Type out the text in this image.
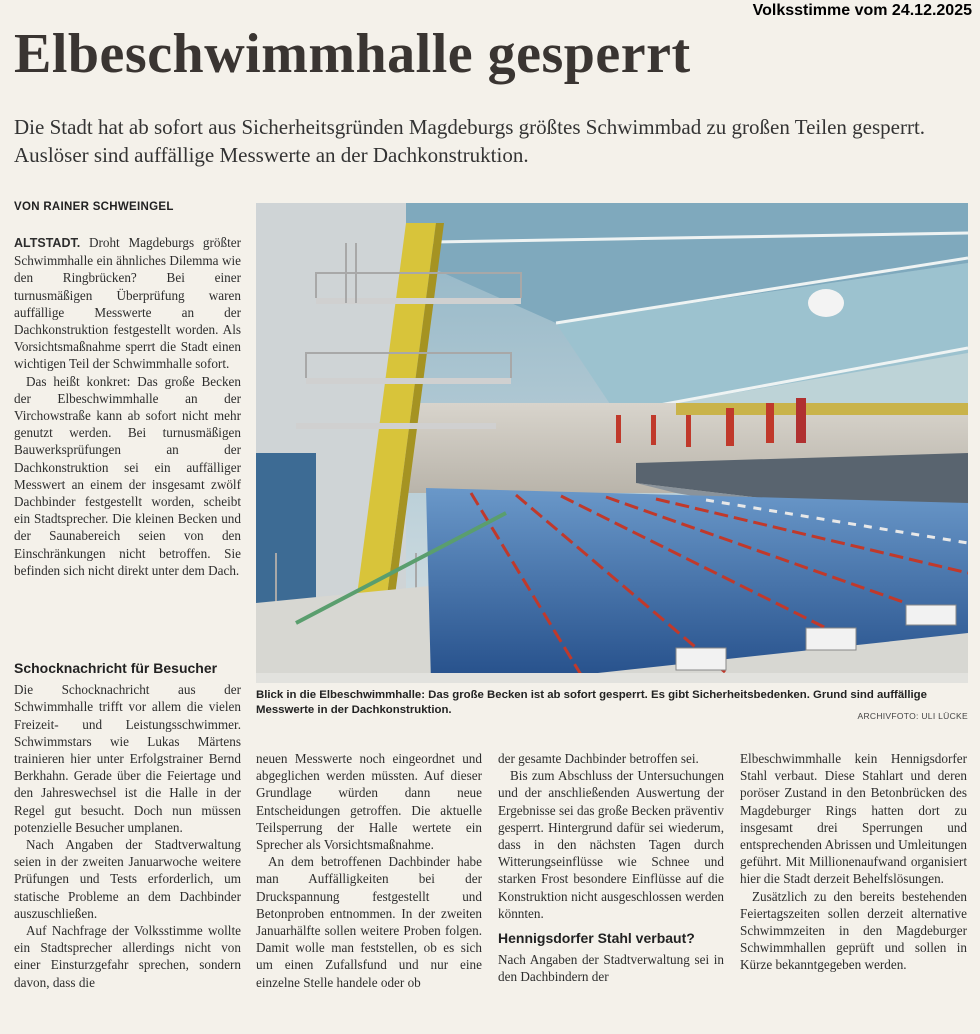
Volksstimme vom 24.12.2025
Elbeschwimmhalle gesperrt

Die Stadt hat ab sofort aus Sicherheitsgründen Magdeburgs größtes Schwimmbad zu großen Teilen gesperrt. Auslöser sind auffällige Messwerte an der Dachkonstruktion.

VON RAINER SCHWEINGEL

ALTSTADT. Droht Magdeburgs größter Schwimmhalle ein ähnliches Dilemma wie den Ringbrücken? Bei einer turnusmäßigen Überprüfung waren auffällige Messwerte an der Dachkonstruktion festgestellt worden. Als Vorsichtsmaßnahme sperrt die Stadt einen wichtigen Teil der Schwimmhalle sofort.

Das heißt konkret: Das große Becken der Elbeschwimmhalle an der Virchowstraße kann ab sofort nicht mehr genutzt werden. Bei turnusmäßigen Bauwerksprüfungen an der Dachkonstruktion sei ein auffälliger Messwert an einem der insgesamt zwölf Dachbinder festgestellt worden, scheibt ein Stadtsprecher. Die kleinen Becken und der Saunabereich seien von den Einschränkungen nicht betroffen. Sie befinden sich nicht direkt unter dem Dach.

Schocknachricht für Besucher

Die Schocknachricht aus der Schwimmhalle trifft vor allem die vielen Freizeit- und Leistungsschwimmer. Schwimmstars wie Lukas Märtens trainieren hier unter Erfolgstrainer Bernd Berkhahn. Gerade über die Feiertage und den Jahreswechsel ist die Halle in der Regel gut besucht. Doch nun müssen potenzielle Besucher umplanen.

Nach Angaben der Stadtverwaltung seien in der zweiten Januarwoche weitere Prüfungen und Tests erforderlich, um statische Probleme an dem Dachbinder auszuschließen.

Auf Nachfrage der Volksstimme wollte ein Stadtsprecher allerdings nicht von einer Einsturzgefahr sprechen, sondern davon, dass die

Blick in die Elbeschwimmhalle: Das große Becken ist ab sofort gesperrt. Es gibt Sicherheitsbedenken. Grund sind auffällige Messwerte in der Dachkonstruktion.	ARCHIVFOTO: ULI LÜCKE

neuen Messwerte noch eingeordnet und abgeglichen werden müssten. Auf dieser Grundlage würden dann neue Entscheidungen getroffen. Die aktuelle Teilsperrung der Halle wertete ein Sprecher als Vorsichtsmaßnahme.

An dem betroffenen Dachbinder habe man Auffälligkeiten bei der Druckspannung festgestellt und Betonproben entnommen. In der zweiten Januarhälfte sollen weitere Proben folgen. Damit wolle man feststellen, ob es sich um einen Zufallsfund und nur eine einzelne Stelle handele oder ob

der gesamte Dachbinder betroffen sei.

Bis zum Abschluss der Untersuchungen und der anschließenden Auswertung der Ergebnisse sei das große Becken präventiv gesperrt. Hintergrund dafür sei wiederum, dass in den nächsten Tagen durch Witterungseinflüsse wie Schnee und starken Frost besondere Einflüsse auf die Konstruktion nicht ausgeschlossen werden könnten.

Hennigsdorfer Stahl verbaut?

Nach Angaben der Stadtverwaltung sei in den Dachbindern der

Elbeschwimmhalle kein Hennigsdorfer Stahl verbaut. Diese Stahlart und deren poröser Zustand in den Betonbrücken des Magdeburger Rings hatten dort zu insgesamt drei Sperrungen und entsprechenden Abrissen und Umleitungen geführt. Mit Millionenaufwand organisiert hier die Stadt derzeit Behelfslösungen.

Zusätzlich zu den bereits bestehenden Feiertagszeiten sollen derzeit alternative Schwimmzeiten in den Magdeburger Schwimmhallen geprüft und sollen in Kürze bekanntgegeben werden.
